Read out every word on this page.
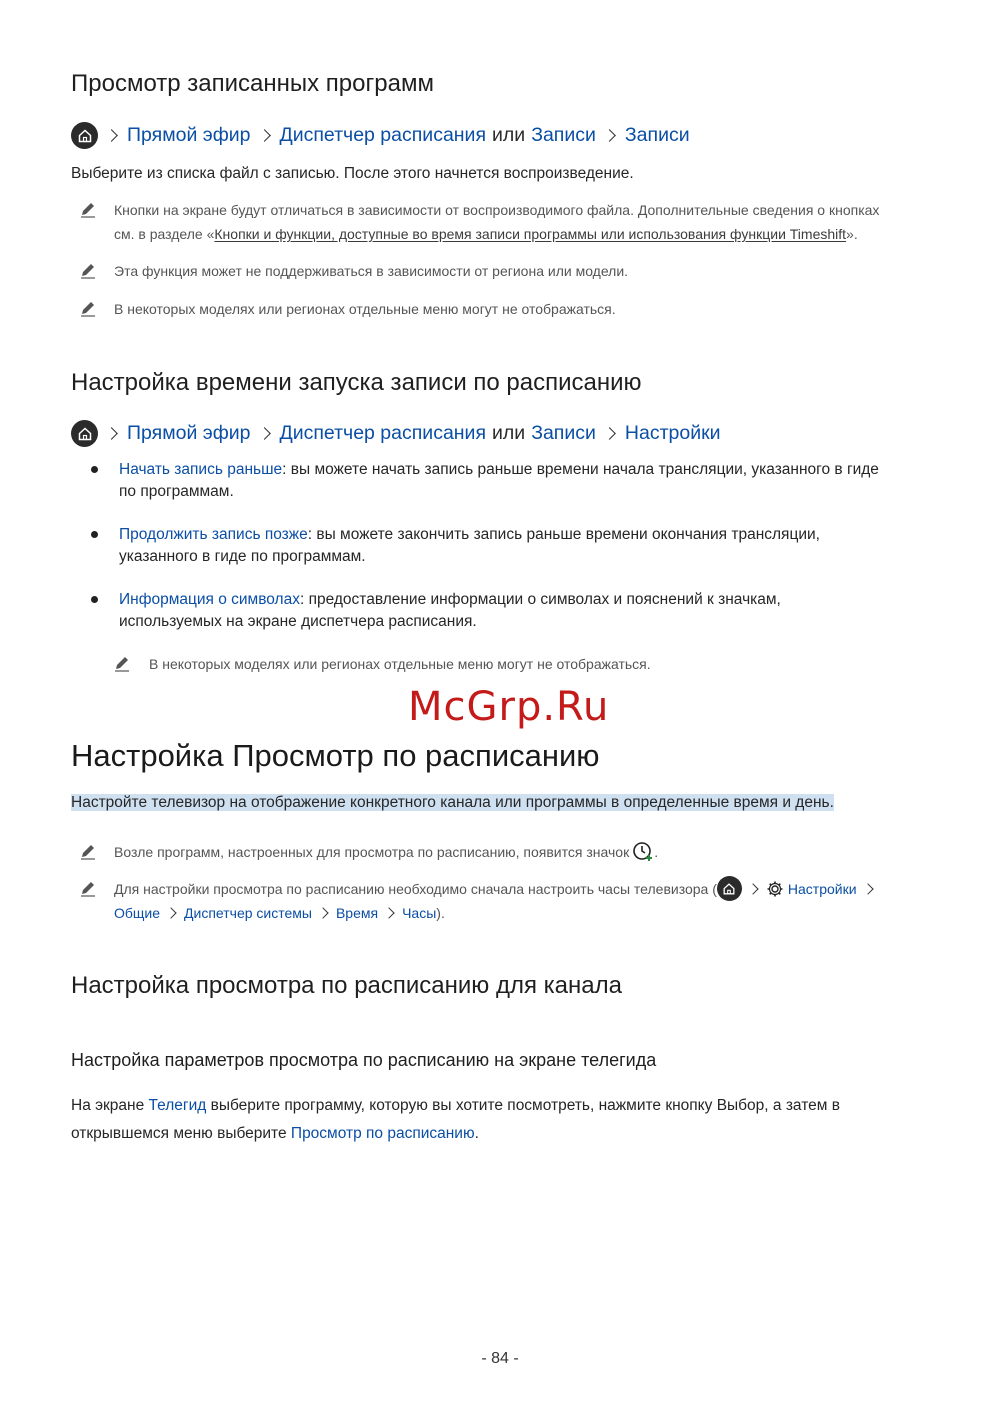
Просмотр записанных программ
Прямой эфир Диспетчер расписания или Записи Записи
Выберите из списка файл с записью. После этого начнется воспроизведение.
Кнопки на экране будут отличаться в зависимости от воспроизводимого файла. Дополнительные сведения о кнопках
см. в разделе «Кнопки и функции, доступные во время записи программы или использования функции Timeshift».
Эта функция может не поддерживаться в зависимости от региона или модели.
В некоторых моделях или регионах отдельные меню могут не отображаться.
Настройка времени запуска записи по расписанию
Прямой эфир Диспетчер расписания или Записи Настройки
Начать запись раньше: вы можете начать запись раньше времени начала трансляции, указанного в гиде
по программам.
Продолжить запись позже: вы можете закончить запись раньше времени окончания трансляции,
указанного в гиде по программам.
Информация о символах: предоставление информации о символах и пояснений к значкам,
используемых на экране диспетчера расписания.
В некоторых моделях или регионах отдельные меню могут не отображаться.
McGrp.Ru
Настройка Просмотр по расписанию
Настройте телевизор на отображение конкретного канала или программы в определенные время и день.
Возле программ, настроенных для просмотра по расписанию, появится значок .
Для настройки просмотра по расписанию необходимо сначала настроить часы телевизора (	Настройки

Общие Диспетчер системы Время Часы ).
Настройка просмотра по расписанию для канала
Настройка параметров просмотра по расписанию на экране телегида
На экране Телегид выберите программу, которую вы хотите посмотреть, нажмите кнопку Выбор, а затем в
открывшемся меню выберите Просмотр по расписанию.
- 84 -
